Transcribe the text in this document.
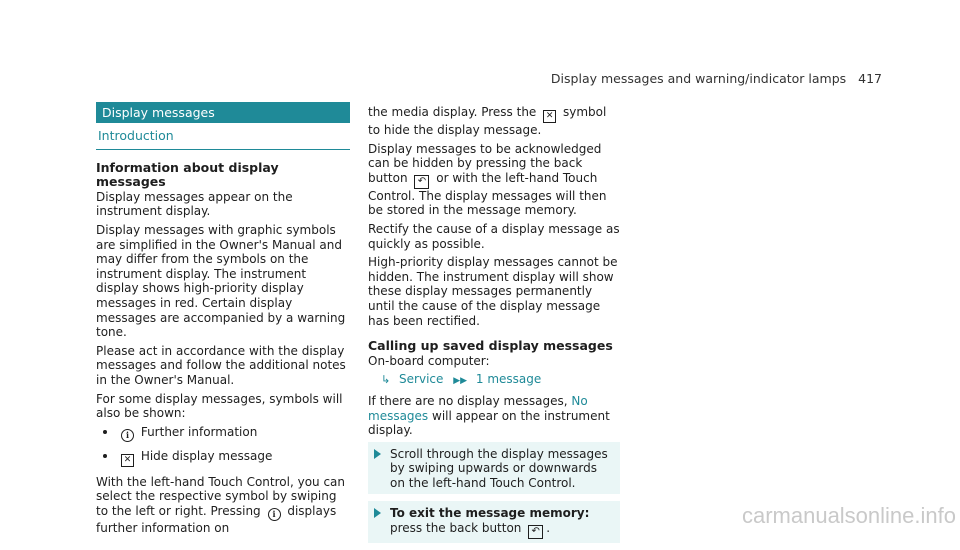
Display messages and warning/indicator lamps 417
Display messages
Introduction
Information about display messages

Display messages appear on the instrument display.

Display messages with graphic symbols are simplified in the Owner's Manual and may differ from the symbols on the instrument display. The instrument display shows high-priority display messages in red. Certain display messages are accompanied by a warning tone.

Please act in accordance with the display messages and follow the additional notes in the Owner's Manual.

For some display messages, symbols will also be shown:

i Further information
✕ Hide display message

With the left-hand Touch Control, you can select the respective symbol by swiping to the left or right. Pressing i displays further information on

the media display. Press the ✕ symbol to hide the display message.

Display messages to be acknowledged can be hidden by pressing the back button ↶ or with the left-hand Touch Control. The display messages will then be stored in the message memory.

Rectify the cause of a display message as quickly as possible.

High-priority display messages cannot be hidden. The instrument display will show these display messages permanently until the cause of the display message has been rectified.

Calling up saved display messages

On-board computer:

↳ Service ▶▶ 1 message

If there are no display messages, No messages will appear on the instrument display.

Scroll through the display messages by swiping upwards or downwards on the left-hand Touch Control.
To exit the message memory: press the back button ↶ .
carmanualsonline.info
